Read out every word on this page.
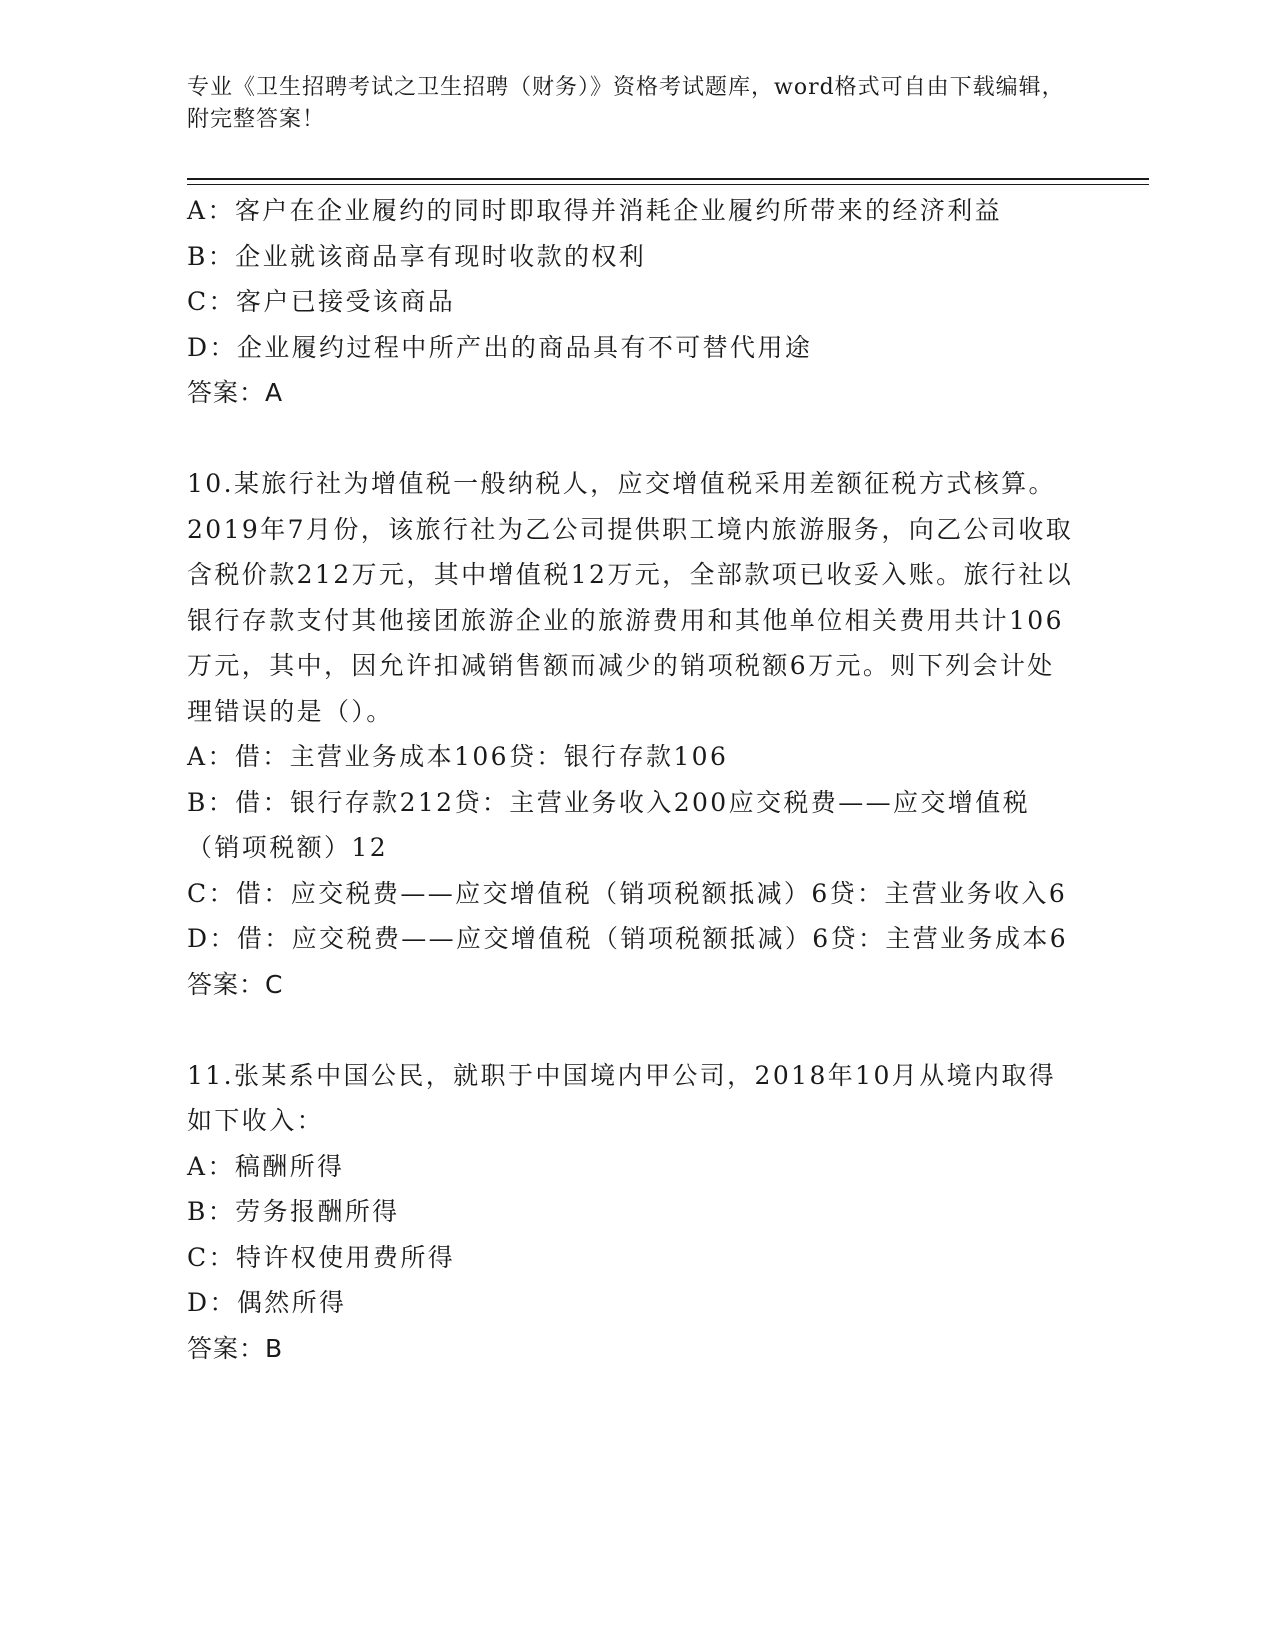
专业《卫生招聘考试之卫生招聘（财务）》资格考试题库，word格式可自由下载编辑，附完整答案！
A：客户在企业履约的同时即取得并消耗企业履约所带来的经济利益
B：企业就该商品享有现时收款的权利
C：客户已接受该商品
D：企业履约过程中所产出的商品具有不可替代用途
答案：A
10.某旅行社为增值税一般纳税人，应交增值税采用差额征税方式核算。2019年7月份，该旅行社为乙公司提供职工境内旅游服务，向乙公司收取含税价款212万元，其中增值税12万元，全部款项已收妥入账。旅行社以银行存款支付其他接团旅游企业的旅游费用和其他单位相关费用共计106万元，其中，因允许扣减销售额而减少的销项税额6万元。则下列会计处理错误的是（）。
A：借：主营业务成本106贷：银行存款106
B：借：银行存款212贷：主营业务收入200应交税费——应交增值税（销项税额）12
C：借：应交税费——应交增值税（销项税额抵减）6贷：主营业务收入6
D：借：应交税费——应交增值税（销项税额抵减）6贷：主营业务成本6
答案：C
11.张某系中国公民，就职于中国境内甲公司，2018年10月从境内取得如下收入：
A：稿酬所得
B：劳务报酬所得
C：特许权使用费所得
D：偶然所得
答案：B
